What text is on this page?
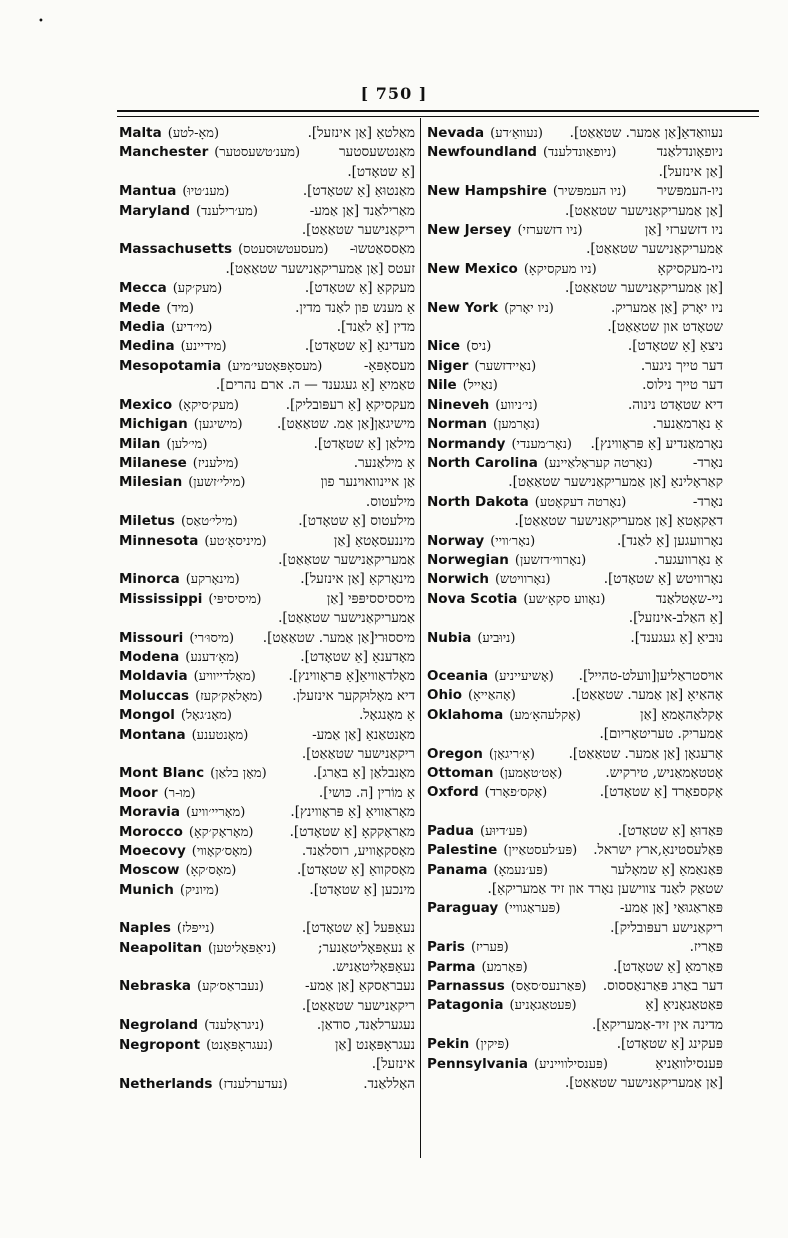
•
[ 750 ]
Malta (מאָ-לטע)	מאַלטאַ [אַן אינזעל].
Manchester (מענ׳טשעסטער)	מאַנטשעסטער
[אַ שטאָדט].
Mantua (מענ׳טיוּ)	מאַנטוּאַ [אַ שטאָדט].
Maryland (מע׳רילענד)	מאַרילאַנד [אַן אַמע-
ריקאַנישער שטאַאַט].
Massachusetts (מעסעטשוּסעטס)	מאַססאַטשוּ-
זעטס [אַן אַמעריקאַנישער שטאַאַט].
Mecca (מעק׳קע)	מעקקאַ [אַ שטאָדט].
Mede (מיד)	אַ מענש פון לאַנד מדין.
Media (מי׳דיע)	מדין [אַ לאַנד].
Medina (מידיינע)	מעדינאַ [אַ שטאָדט].
Mesopotamia (מעסאָפּאָטעי׳מיע)	מעסאָפּאָ-
טאַמיאַ [אַ געגענד — ה. ארם נהרים].
Mexico (מעק׳סיקאָ)	מעקסיקאָ [אַ רעפּובליק].
Michigan (מישיגען)	מישיגאַן[אַן אַמ. שטאַאַט].
Milan (מי׳לען)	מילאַן [אַ שטאָדט].
Milanese (מילעניז)	אַ מילאַנער.
Milesian (מילי׳זשען)	אַן איינוואוינער פון
מילעטוס.
Miletus (מילי׳טאַס)	מילעטוס [אַ שטאָדט].
Minnesota (מיניסאָ׳טע)	מיננעסאָטאַ [אַן
אַמעריקאַנישער שטאַאַט].
Minorca (מינאָרקע)	מינאָרקאַ [אַן אינזעל].
Mississippi (מיסיסיפּי)	מיססיססיפּפּי [אַן
אַמעריקאַנישער שטאַאַט].
Missouri (מיסוּ׳רי)	מיססוּרי[אַן אַמער. שטאַאַט].
Modena (מאָ׳דענע)	מאָדענאַ [אַ שטאָדט].
Moldavia (מאָלדייוויע)	מאָלדאַוויאַ[אַ פּראָווינץ].
Moluccas (מאָלאַק׳קעז)	דיא מאָלוּקקער אינזעלן.
Mongol (מאָנ׳גאָל)	אַ מאָנגאָל.
Montana (מאָנטענע)	מאָנטאַנאַ [אַן אַמע-
ריקאַנישער שטאַאַט].
Mont Blanc (מאָן בלאַן)	מאָנבלאַן [אַ באַרג].
Moor (מוּ-ר)	אַ מוֹרין [ה. כּושי].
Moravia (מאָריי׳וויע)	מאָראַוויאַ [אַ פּראָווינץ].
Morocco (מאָראָק׳קאָ)	מאַראָקקאָ [אַ שטאָדט].
Moecovy (מאָס׳קאָווי)	מאָסקאָוויע, רוסלאַנד.
Moscow (מאָס׳קאָ)	מאָסקוואַ [אַ שטאָדט].
Munich (מיוניק)	מינכען [אַ שטאָדט].
Naples (נייפּלז)	נעאַפּעל [אַ שטאָדט].
Neapolitan (ניאַפּאָליטען)	אַ נעאַפּאָליטאַנער;
נעאַפּאָליטאַניש.
Nebraska (נעבראַס׳קע)	נעבראַסקאַ [אַן אַמע-
ריקאַנישער שטאַאַט].
Negroland (ניגראָלענד)	נעגערלאַנד, סודאַן.
Negropont (נעגראָפּאָנט)	נעגראָפּאָנט [אַן
אינזעל].
Netherlands (נעדערלענדז)	האָללאַנד.
Nevada (נעוואַ׳דע)	נעוואַדאַ[אַן אַמער. שטאַאַט].
Newfoundland (ניופאַונדלענד)	ניופאָונדלאַנד
[אַן אינזעל].
New Hampshire (ניו העמפּשיר)	ניו-העמפּשיר
[אַן אַמעריקאַנישער שטאַאַט].
New Jersey (ניו דזשערזי)	ניו דזשערזי [אַן
אַמעריקאַנישער שטאַאַט].
New Mexico (ניו מעקסיקאָ)	ניו-מעקסיקאָ
[אַן אַמעריקאַנישער שטאַאַט].
New York (ניו יאָרק)	ניו יאָרק [אַן אַמעריק.
שטאָדט און שטאַאַט].
Nice (ניס)	ניצאַ [אַ שטאָדט].
Niger (נאַיידזשער)	דער טייך ניגער.
Nile (נאַייל)	דער טייך נילוס.
Nineveh (ני׳ניווע)	דיא שטאָדט נינוה.
Norman (נאָרמען)	אַ נאָרמאַנער.
Normandy (נאָר׳מענדי)	נאָרמאַנדיע [אַ פּראָווינץ].
North Carolina (נאָרטה קעראָלאַיינע)	נאָרד-
קאַראָלינאַ [אַן אַמעריקאַנישער שטאַאַט].
North Dakota (נאָרטה דעקאָטע)	נאָרד-
דאַקאָטאַ [אַן אַמעריקאַנישער שטאַאַט].
Norway (נאָר׳וויי)	נאָרוועגען [אַ לאַנד].
Norwegian (נאָרווי׳דזשען)	אַ נאָרוועגער.
Norwich (נאָרוויטש)	נאָרוויטש [אַ שטאָדט].
Nova Scotia (נאָווע סקאָ׳שע)	ניי-שאָטלאַנד
[אַ האַלב-אינזעל].
Nubia (ניוּביע)	נוּביאַ [אַ געגענד].
Oceania (אָשיעייניע)	אויסטראַליען[וועלט-טהייל].
Ohio (אָהאַייאָ)	אָהאַיאָ [אַן אַמער. שטאַאַט].
Oklahoma (אָקלעהאָ׳מע)	אָקלאַהאָמאַ [אַן
אַמעריק. טעריטאָריום].
Oregon (אָ׳ריגאָן)	אָרעגאָן [אַן אַמער. שטאַאַט].
Ottoman (אָט׳טאָמען)	אָטטאָמאַניש, טירקיש.
Oxford (אָקס׳פאָרד)	אָקספאָרד [אַ שטאָדט].
Padua (פּע׳דיוּע)	פּאַדוּאַ [אַ שטאָדט].
Palestine (פּע׳לעסטאַיין)	פּאַלעסטינאַ,ארץ ישראל.
Panama (פּע׳נעמאָ)	פּאַנאַמאַ [אַ שמאָלער
שטאַק לאַנד צווישען נאָרד און זיד אַמעריקאַ].
Paraguay (פּעראַגוויי)	פּאַראַגוּאַי [אַן אַמע-
ריקאַנישע רעפּובליק].
Paris (פּעריז)	פּאַריז.
Parma (פּאַרמע)	פּאַרמאַ [אַ שטאָדט].
Parnassus (פּאַרנעס׳סאַס)	דער באַרג פּאַרנאַססוס.
Patagonia (פּעטאַגאָניע)	פּאַטאַגאָניאַ [אַ
מדינה אין זיד-אַמעריקאַ].
Pekin (פּיקין)	פּעקינג [אַ שטאָדט].
Pennsylvania (פּענסילווייניע)	פּענסילוואַניאַ
[אַן אַמעריקאַנישער שטאַאַט].
